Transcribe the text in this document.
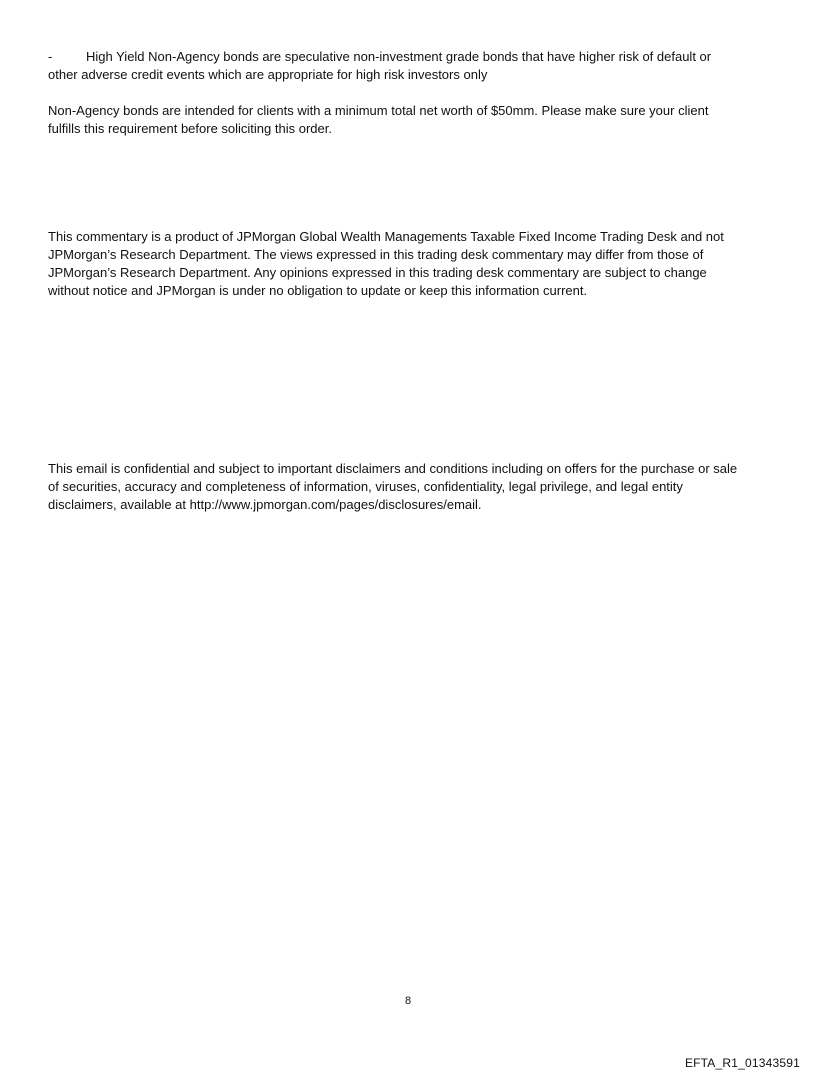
-	High Yield Non-Agency bonds are speculative non-investment grade bonds that have higher risk of default or
other adverse credit events which are appropriate for high risk investors only

Non-Agency bonds are intended for clients with a minimum total net worth of $50mm. Please make sure your client
fulfills this requirement before soliciting this order.

This commentary is a product of JPMorgan Global Wealth Managements Taxable Fixed Income Trading Desk and not
JPMorgan’s Research Department. The views expressed in this trading desk commentary may differ from those of
JPMorgan’s Research Department. Any opinions expressed in this trading desk commentary are subject to change
without notice and JPMorgan is under no obligation to update or keep this information current.

This email is confidential and subject to important disclaimers and conditions including on offers for the purchase or sale
of securities, accuracy and completeness of information, viruses, confidentiality, legal privilege, and legal entity
disclaimers, available at http://www.jpmorgan.com/pages/disclosures/email.

8
EFTA_R1_01343591
